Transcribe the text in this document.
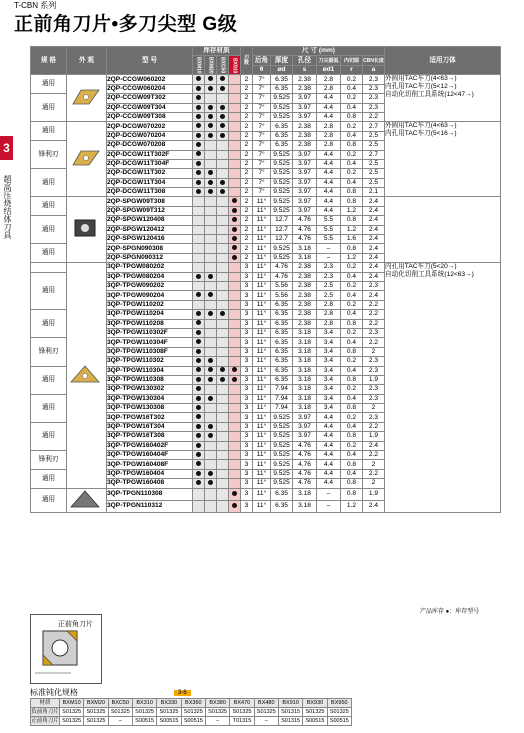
T-CBN 系列
正前角刀片•多刀尖型 G级
3
超高压烧结体刀具
规 格	外 观	型 号	库存材质				刃 数	尺 寸 (mm)						适用刀体
			BXM10	BXM20	BXC50	BX910		后角	厚度	孔径	刀尖圆弧	内切圆	CBN长度	
								θ	ød	s	ød1	r	a	
通用		2QP-CCGW060202					2	7°	6.35	2.38	2.8	0.2	2.3	外圆用TAC车刀(4<63→)
内孔用TAC车刀(5<12→)
自动化切削工具系统(12<47→)

		2QP-CCGW060204					2	7°	6.35	2.38	2.8	0.4	2.3	
通用		2QP-CCGW09T302					2	7°	9.525	3.97	4.4	0.2	2.3	
		2QP-CCGW09T304					2	7°	9.525	3.97	4.4	0.4	2.3	
		2QP-CCGW09T308					2	7°	9.525	3.97	4.4	0.8	2.2	
通用		2QP-DCGW070202					2	7°	6.35	2.38	2.8	0.2	2.7	外圆用TAC车刀(4<63→)
内孔用TAC车刀(5<16→)

		2QP-DCGW070204					2	7°	6.35	2.38	2.8	0.4	2.5	
锋利刃		2QP-DCGW070208					2	7°	6.35	2.38	2.8	0.8	2.5	
		2QP-DCGW11T302F					2	7°	9.525	3.97	4.4	0.2	2.7	
		2QP-DCGW11T304F					2	7°	9.525	3.97	4.4	0.4	2.5	
通用		2QP-DCGW11T302					2	7°	9.525	3.97	4.4	0.2	2.5	
		2QP-DCGW11T304					2	7°	9.525	3.97	4.4	0.4	2.5	
		2QP-DCGW11T308					2	7°	9.525	3.97	4.4	0.8	2.1	
通用		2QP-SPGW09T308					2	11°	9.525	3.97	4.4	0.8	2.4	
		2QP-SPGW09T312					2	11°	9.525	3.97	4.4	1.2	2.4	
通用		2QP-SPGW120408					2	11°	12.7	4.76	5.5	0.8	2.4	
		2QP-SPGW120412					2	11°	12.7	4.76	5.5	1.2	2.4	
		2QP-SPGW120416					2	11°	12.7	4.76	5.5	1.6	2.4	
通用		2QP-SPGN090308					2	11°	9.525	3.18	–	0.8	2.4	
		2QP-SPGN090312					2	11°	9.525	3.18	–	1.2	2.4	
		3QP-TPGW080202					3	11°	4.76	2.38	2.3	0.2	2.4	内孔用TAC车刀(5<20→)
自动化切削工具系统(12<63→)

通用		3QP-TPGW080204					3	11°	4.76	2.38	2.3	0.4	2.4	
		3QP-TPGW090202					3	11°	5.56	2.38	2.5	0.2	2.3	
		3QP-TPGW090204					3	11°	5.56	2.38	2.5	0.4	2.4	
		3QP-TPGW110202					3	11°	6.35	2.38	2.8	0.2	2.2	
通用		3QP-TPGW110204					3	11°	6.35	2.38	2.8	0.4	2.2	
		3QP-TPGW110208					3	11°	6.35	2.38	2.8	0.8	2.2	
		3QP-TPGW110302F					3	11°	6.35	3.18	3.4	0.2	2.3	
锋利刃		3QP-TPGW110304F					3	11°	6.35	3.18	3.4	0.4	2.2	
		3QP-TPGW110308F					3	11°	6.35	3.18	3.4	0.8	2	
		3QP-TPGW110302					3	11°	6.35	3.18	3.4	0.2	2.3	
通用		3QP-TPGW110304					3	11°	6.35	3.18	3.4	0.4	2.3	
		3QP-TPGW110308					3	11°	6.35	3.18	3.4	0.8	1.9	
		3QP-TPGW130302					3	11°	7.94	3.18	3.4	0.2	2.3	
通用		3QP-TPGW130304					3	11°	7.94	3.18	3.4	0.4	2.3	
		3QP-TPGW130308					3	11°	7.94	3.18	3.4	0.8	2	
		3QP-TPGW16T302					3	11°	9.525	3.97	4.4	0.2	2.3	
通用		3QP-TPGW16T304					3	11°	9.525	3.97	4.4	0.4	2.2	
		3QP-TPGW16T308					3	11°	9.525	3.97	4.4	0.8	1.9	
		3QP-TPGW160402F					3	11°	9.525	4.76	4.4	0.2	2.4	
锋利刃		3QP-TPGW160404F					3	11°	9.525	4.76	4.4	0.4	2.2	
		3QP-TPGW160408F					3	11°	9.525	4.76	4.4	0.8	2	
通用		3QP-TPGW160404					3	11°	9.525	4.76	4.4	0.4	2.2	
		3QP-TPGW160408					3	11°	9.525	4.76	4.4	0.8	2	
通用		3QP-TPGN110308					3	11°	6.35	3.18	–	0.8	1.9	
		3QP-TPGN110312					3	11°	6.35	3.18	–	1.2	2.4	
产品库存 ●：库存型号
正前角刀片
标准钝化规格	3-6
材质	BXM10	BXM20	BXC50	BX310	BX330	BX360	BX380	BX470	BX480	BX910	BX930	BX950
负前角刀片	S01325	S01325	S01325	S01325	S01325	S01325	S01325	S01325	S01325	S01315	S01325	S01325
正前角刀片	S01325	S01325	–	S00515	S00515	S00515	–	T01315	–	S01315	S00515	S00515
